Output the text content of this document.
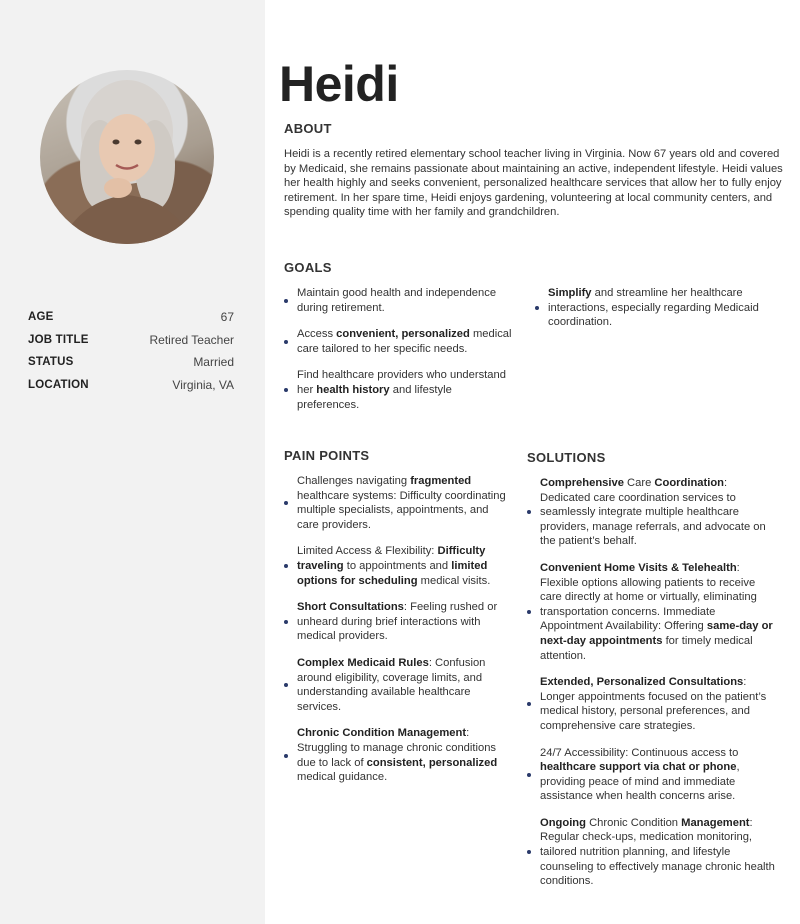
AGE	67
JOB TITLE	Retired Teacher
STATUS	Married
LOCATION	Virginia, VA
Heidi
ABOUT

Heidi is a recently retired elementary school teacher living in Virginia. Now 67 years old and covered by Medicaid, she remains passionate about maintaining an active, independent lifestyle. Heidi values her health highly and seeks convenient, personalized healthcare services that allow her to fully enjoy retirement. In her spare time, Heidi enjoys gardening, volunteering at local community centers, and spending quality time with her family and grandchildren.

GOALS
Maintain good health and independence during retirement.
Access convenient, personalized medical care tailored to her specific needs.
Find healthcare providers who understand her health history and lifestyle preferences.
Simplify and streamline her healthcare interactions, especially regarding Medicaid coordination.
PAIN POINTS
Challenges navigating fragmented healthcare systems: Difficulty coordinating multiple specialists, appointments, and care providers.
Limited Access & Flexibility: Difficulty traveling to appointments and limited options for scheduling medical visits.
Short Consultations: Feeling rushed or unheard during brief interactions with medical providers.
Complex Medicaid Rules: Confusion around eligibility, coverage limits, and understanding available healthcare services.
Chronic Condition Management: Struggling to manage chronic conditions due to lack of consistent, personalized medical guidance.
SOLUTIONS
Comprehensive Care Coordination: Dedicated care coordination services to seamlessly integrate multiple healthcare providers, manage referrals, and advocate on the patient’s behalf.
Convenient Home Visits & Telehealth: Flexible options allowing patients to receive care directly at home or virtually, eliminating transportation concerns. Immediate Appointment Availability: Offering same-day or next-day appointments for timely medical attention.
Extended, Personalized Consultations: Longer appointments focused on the patient’s medical history, personal preferences, and comprehensive care strategies.
24/7 Accessibility: Continuous access to healthcare support via chat or phone, providing peace of mind and immediate assistance when health concerns arise.
Ongoing Chronic Condition Management: Regular check-ups, medication monitoring, tailored nutrition planning, and lifestyle counseling to effectively manage chronic health conditions.
